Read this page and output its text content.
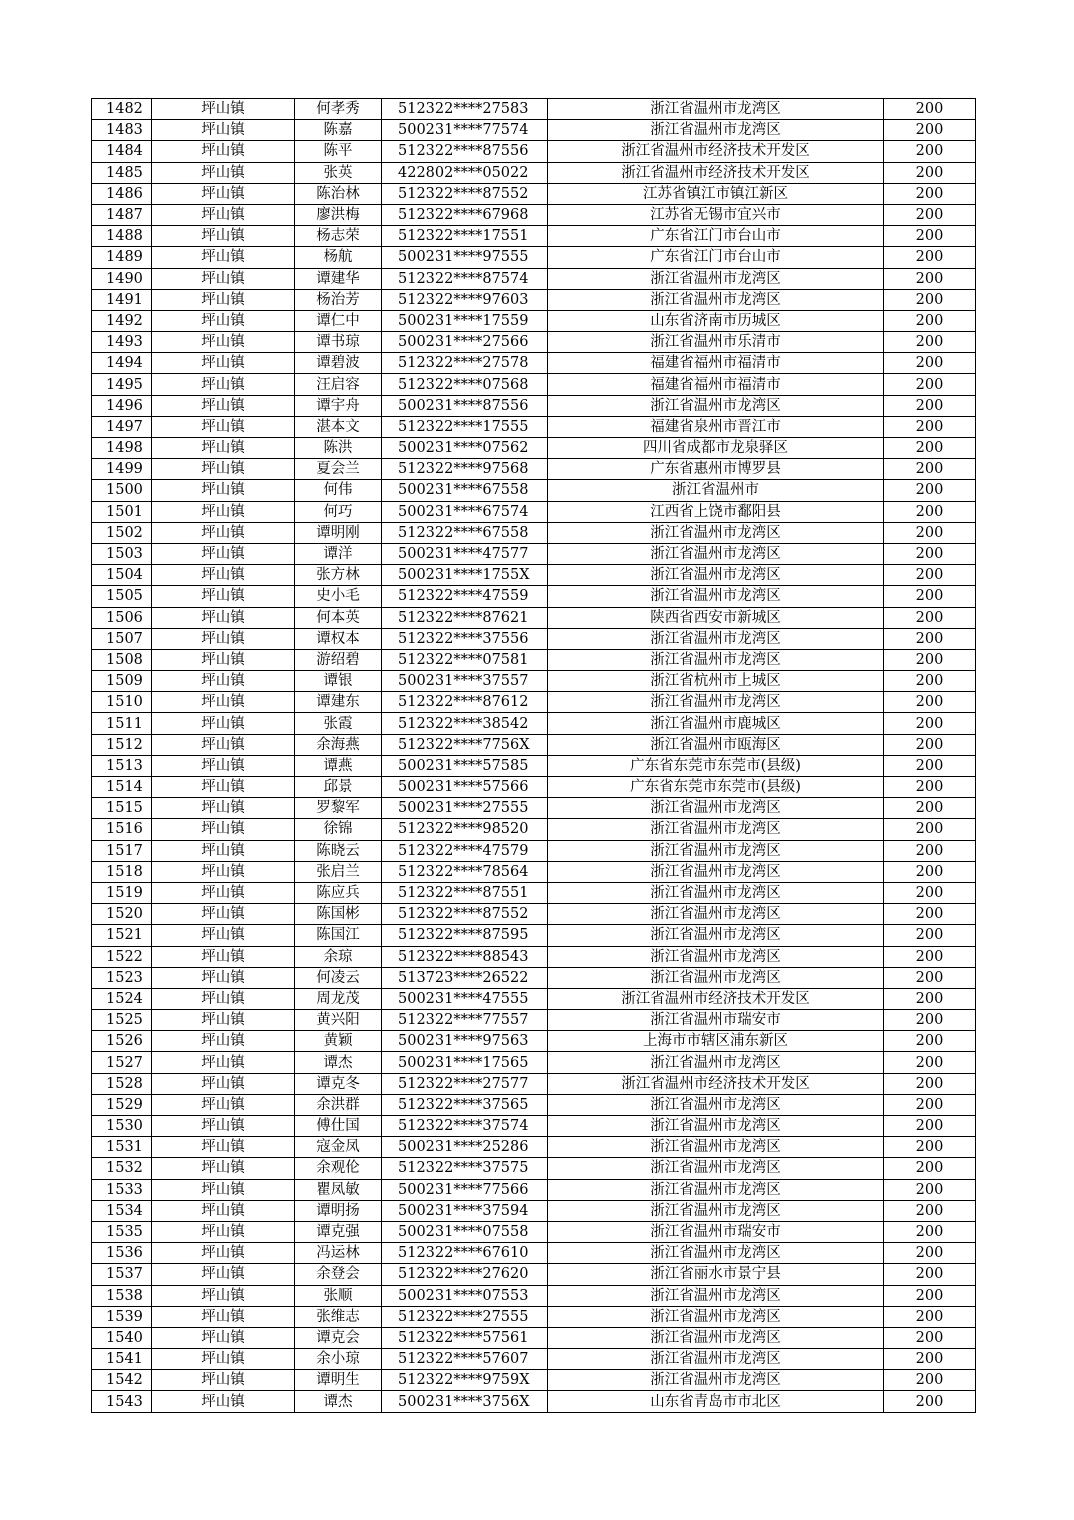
1482	坪山镇	何孝秀	512322****27583	浙江省温州市龙湾区	200
1483	坪山镇	陈嘉	500231****77574	浙江省温州市龙湾区	200
1484	坪山镇	陈平	512322****87556	浙江省温州市经济技术开发区	200
1485	坪山镇	张英	422802****05022	浙江省温州市经济技术开发区	200
1486	坪山镇	陈治林	512322****87552	江苏省镇江市镇江新区	200
1487	坪山镇	廖洪梅	512322****67968	江苏省无锡市宜兴市	200
1488	坪山镇	杨志荣	512322****17551	广东省江门市台山市	200
1489	坪山镇	杨航	500231****97555	广东省江门市台山市	200
1490	坪山镇	谭建华	512322****87574	浙江省温州市龙湾区	200
1491	坪山镇	杨治芳	512322****97603	浙江省温州市龙湾区	200
1492	坪山镇	谭仁中	500231****17559	山东省济南市历城区	200
1493	坪山镇	谭书琼	500231****27566	浙江省温州市乐清市	200
1494	坪山镇	谭碧波	512322****27578	福建省福州市福清市	200
1495	坪山镇	汪启容	512322****07568	福建省福州市福清市	200
1496	坪山镇	谭宇舟	500231****87556	浙江省温州市龙湾区	200
1497	坪山镇	湛本文	512322****17555	福建省泉州市晋江市	200
1498	坪山镇	陈洪	500231****07562	四川省成都市龙泉驿区	200
1499	坪山镇	夏会兰	512322****97568	广东省惠州市博罗县	200
1500	坪山镇	何伟	500231****67558	浙江省温州市	200
1501	坪山镇	何巧	500231****67574	江西省上饶市鄱阳县	200
1502	坪山镇	谭明刚	512322****67558	浙江省温州市龙湾区	200
1503	坪山镇	谭洋	500231****47577	浙江省温州市龙湾区	200
1504	坪山镇	张方林	500231****1755X	浙江省温州市龙湾区	200
1505	坪山镇	史小毛	512322****47559	浙江省温州市龙湾区	200
1506	坪山镇	何本英	512322****87621	陕西省西安市新城区	200
1507	坪山镇	谭权本	512322****37556	浙江省温州市龙湾区	200
1508	坪山镇	游绍碧	512322****07581	浙江省温州市龙湾区	200
1509	坪山镇	谭银	500231****37557	浙江省杭州市上城区	200
1510	坪山镇	谭建东	512322****87612	浙江省温州市龙湾区	200
1511	坪山镇	张霞	512322****38542	浙江省温州市鹿城区	200
1512	坪山镇	余海燕	512322****7756X	浙江省温州市瓯海区	200
1513	坪山镇	谭燕	500231****57585	广东省东莞市东莞市(县级)	200
1514	坪山镇	邱景	500231****57566	广东省东莞市东莞市(县级)	200
1515	坪山镇	罗黎军	500231****27555	浙江省温州市龙湾区	200
1516	坪山镇	徐锦	512322****98520	浙江省温州市龙湾区	200
1517	坪山镇	陈晓云	512322****47579	浙江省温州市龙湾区	200
1518	坪山镇	张启兰	512322****78564	浙江省温州市龙湾区	200
1519	坪山镇	陈应兵	512322****87551	浙江省温州市龙湾区	200
1520	坪山镇	陈国彬	512322****87552	浙江省温州市龙湾区	200
1521	坪山镇	陈国江	512322****87595	浙江省温州市龙湾区	200
1522	坪山镇	余琼	512322****88543	浙江省温州市龙湾区	200
1523	坪山镇	何凌云	513723****26522	浙江省温州市龙湾区	200
1524	坪山镇	周龙茂	500231****47555	浙江省温州市经济技术开发区	200
1525	坪山镇	黄兴阳	512322****77557	浙江省温州市瑞安市	200
1526	坪山镇	黄颖	500231****97563	上海市市辖区浦东新区	200
1527	坪山镇	谭杰	500231****17565	浙江省温州市龙湾区	200
1528	坪山镇	谭克冬	512322****27577	浙江省温州市经济技术开发区	200
1529	坪山镇	余洪群	512322****37565	浙江省温州市龙湾区	200
1530	坪山镇	傅仕国	512322****37574	浙江省温州市龙湾区	200
1531	坪山镇	寇金凤	500231****25286	浙江省温州市龙湾区	200
1532	坪山镇	余观伦	512322****37575	浙江省温州市龙湾区	200
1533	坪山镇	瞿凤敏	500231****77566	浙江省温州市龙湾区	200
1534	坪山镇	谭明扬	500231****37594	浙江省温州市龙湾区	200
1535	坪山镇	谭克强	500231****07558	浙江省温州市瑞安市	200
1536	坪山镇	冯运林	512322****67610	浙江省温州市龙湾区	200
1537	坪山镇	余登会	512322****27620	浙江省丽水市景宁县	200
1538	坪山镇	张顺	500231****07553	浙江省温州市龙湾区	200
1539	坪山镇	张维志	512322****27555	浙江省温州市龙湾区	200
1540	坪山镇	谭克会	512322****57561	浙江省温州市龙湾区	200
1541	坪山镇	余小琼	512322****57607	浙江省温州市龙湾区	200
1542	坪山镇	谭明生	512322****9759X	浙江省温州市龙湾区	200
1543	坪山镇	谭杰	500231****3756X	山东省青岛市市北区	200
